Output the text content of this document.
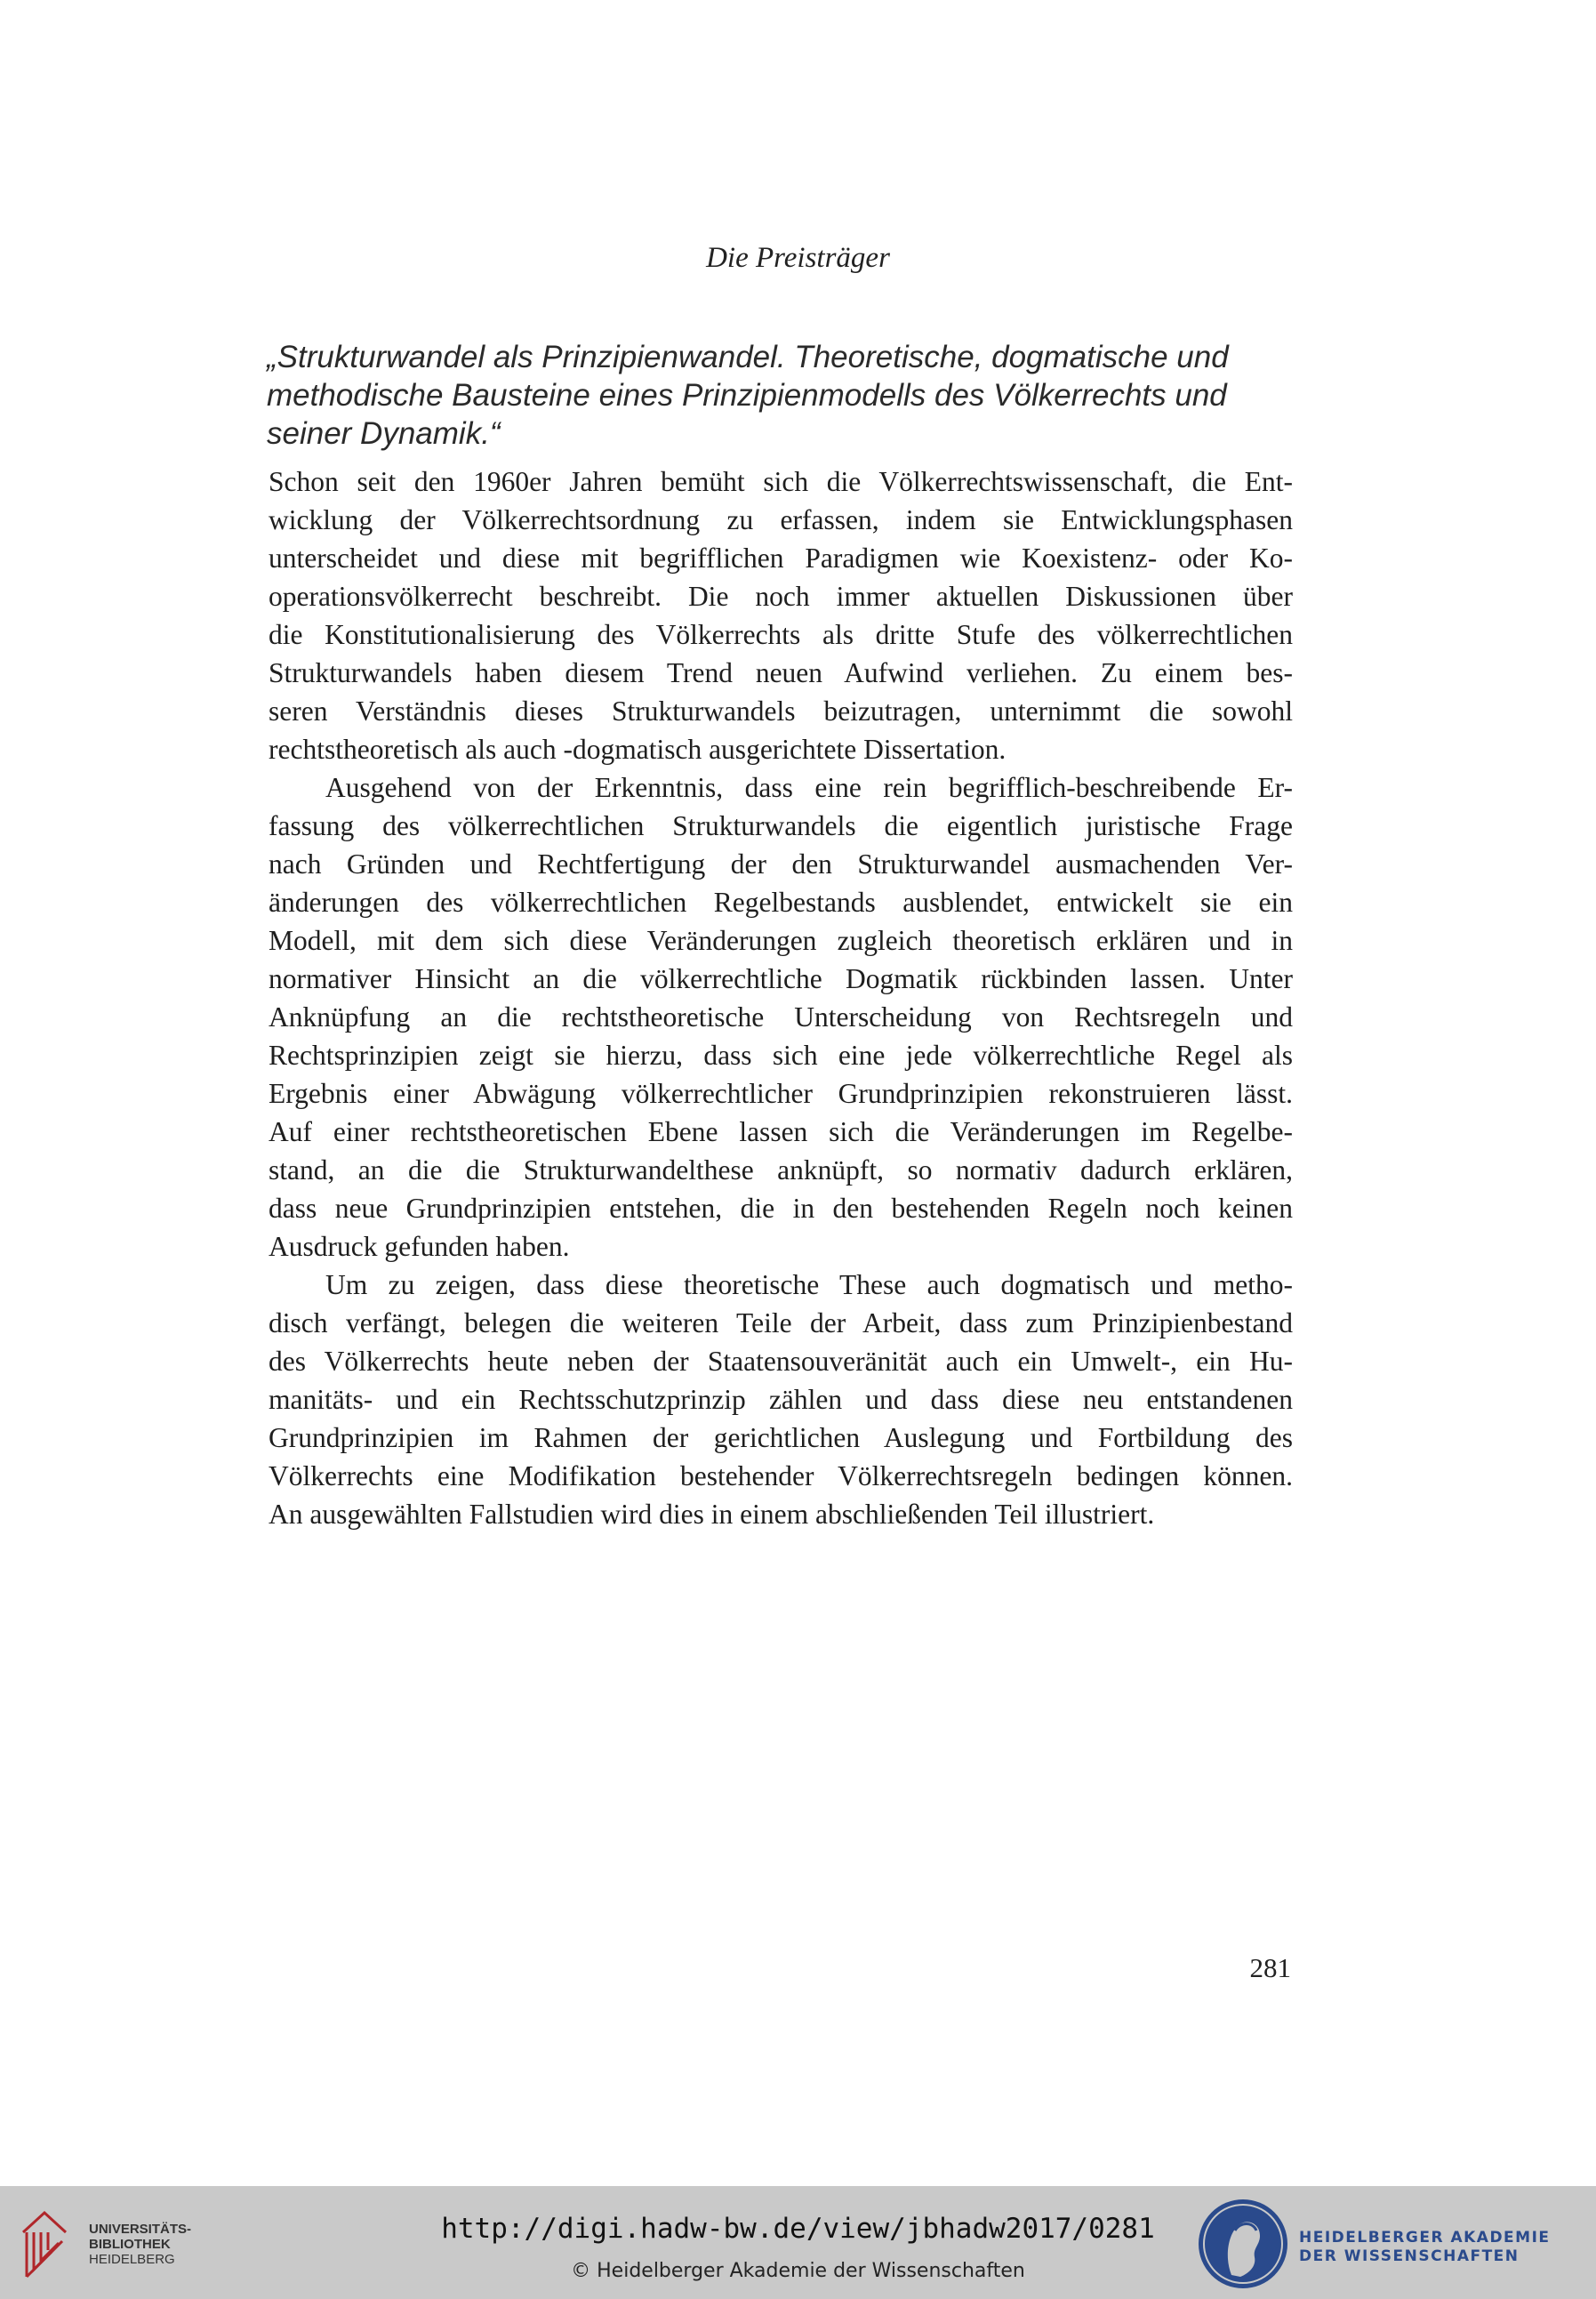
Die Preisträger
„Strukturwandel als Prinzipienwandel. Theoretische, dogmatische und
methodische Bausteine eines Prinzipienmodells des Völkerrechts und
seiner Dynamik.“
Schon seit den 1960er Jahren bemüht sich die Völkerrechtswissenschaft, die Ent-
wicklung der Völkerrechtsordnung zu erfassen, indem sie Entwicklungsphasen
unterscheidet und diese mit begrifflichen Paradigmen wie Koexistenz- oder Ko-
operationsvölkerrecht beschreibt. Die noch immer aktuellen Diskussionen über
die Konstitutionalisierung des Völkerrechts als dritte Stufe des völkerrechtlichen
Strukturwandels haben diesem Trend neuen Aufwind verliehen. Zu einem bes-
seren Verständnis dieses Strukturwandels beizutragen, unternimmt die sowohl
rechtstheoretisch als auch -dogmatisch ausgerichtete Dissertation.
Ausgehend von der Erkenntnis, dass eine rein begrifflich-beschreibende Er-
fassung des völkerrechtlichen Strukturwandels die eigentlich juristische Frage
nach Gründen und Rechtfertigung der den Strukturwandel ausmachenden Ver-
änderungen des völkerrechtlichen Regelbestands ausblendet, entwickelt sie ein
Modell, mit dem sich diese Veränderungen zugleich theoretisch erklären und in
normativer Hinsicht an die völkerrechtliche Dogmatik rückbinden lassen. Unter
Anknüpfung an die rechtstheoretische Unterscheidung von Rechtsregeln und
Rechtsprinzipien zeigt sie hierzu, dass sich eine jede völkerrechtliche Regel als
Ergebnis einer Abwägung völkerrechtlicher Grundprinzipien rekonstruieren lässt.
Auf einer rechtstheoretischen Ebene lassen sich die Veränderungen im Regelbe-
stand, an die die Strukturwandelthese anknüpft, so normativ dadurch erklären,
dass neue Grundprinzipien entstehen, die in den bestehenden Regeln noch keinen
Ausdruck gefunden haben.
Um zu zeigen, dass diese theoretische These auch dogmatisch und metho-
disch verfängt, belegen die weiteren Teile der Arbeit, dass zum Prinzipienbestand
des Völkerrechts heute neben der Staatensouveränität auch ein Umwelt-, ein Hu-
manitäts- und ein Rechtsschutzprinzip zählen und dass diese neu entstandenen
Grundprinzipien im Rahmen der gerichtlichen Auslegung und Fortbildung des
Völkerrechts eine Modifikation bestehender Völkerrechtsregeln bedingen können.
An ausgewählten Fallstudien wird dies in einem abschließenden Teil illustriert.
281
UNIVERSITÄTS-
BIBLIOTHEK
HEIDELBERG
http://digi.hadw-bw.de/view/jbhadw2017/0281
© Heidelberger Akademie der Wissenschaften
HEIDELBERGER AKADEMIE
DER WISSENSCHAFTEN
